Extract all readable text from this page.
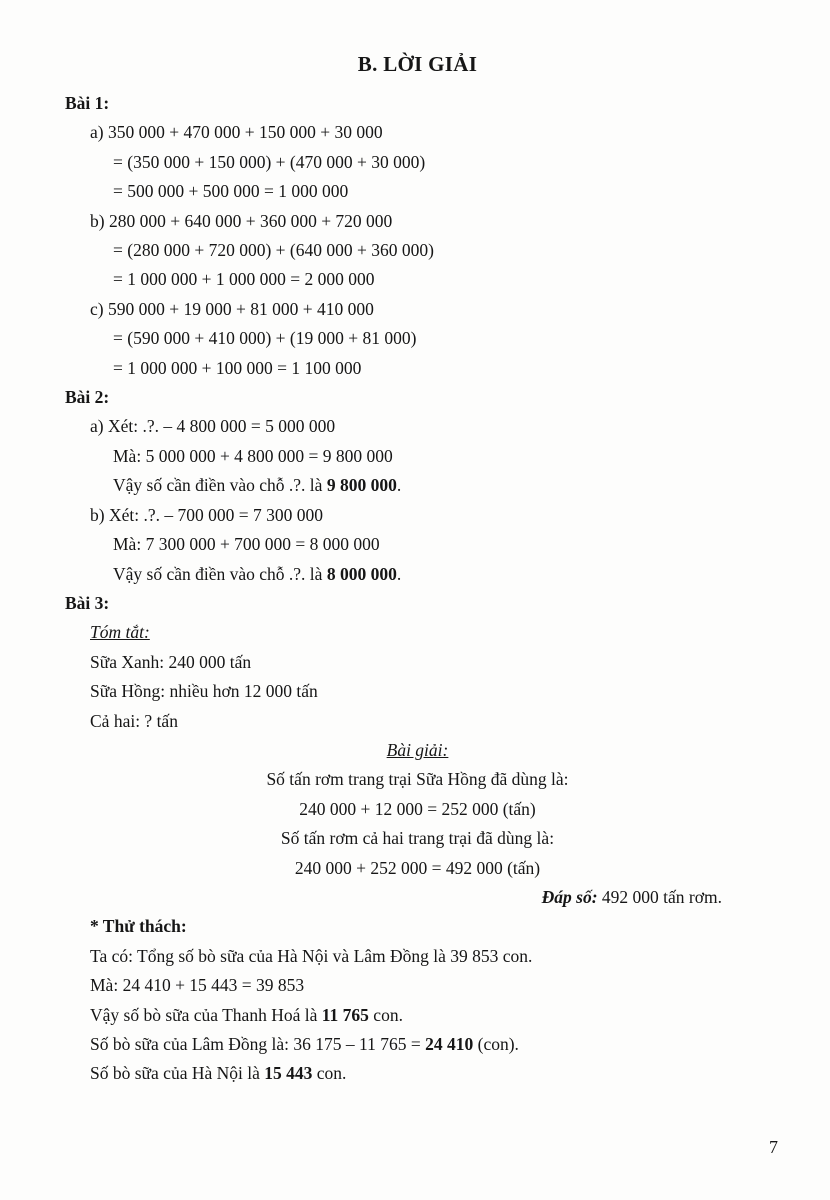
B. LỜI GIẢI
Bài 1:
a) 350 000 + 470 000 + 150 000 + 30 000
= (350 000 + 150 000) + (470 000 + 30 000)
= 500 000 + 500 000 = 1 000 000
b) 280 000 + 640 000 + 360 000 + 720 000
= (280 000 + 720 000) + (640 000 + 360 000)
= 1 000 000 + 1 000 000 = 2 000 000
c) 590 000 + 19 000 + 81 000 + 410 000
= (590 000 + 410 000) + (19 000 + 81 000)
= 1 000 000 + 100 000 = 1 100 000
Bài 2:
a) Xét: .?. – 4 800 000 = 5 000 000
Mà: 5 000 000 + 4 800 000 = 9 800 000
Vậy số cần điền vào chỗ .?. là 9 800 000.
b) Xét: .?. – 700 000 = 7 300 000
Mà: 7 300 000 + 700 000 = 8 000 000
Vậy số cần điền vào chỗ .?. là 8 000 000.
Bài 3:
Tóm tắt:
Sữa Xanh: 240 000 tấn
Sữa Hồng: nhiều hơn 12 000 tấn
Cả hai: ? tấn
Bài giải:
Số tấn rơm trang trại Sữa Hồng đã dùng là:
240 000 + 12 000 = 252 000 (tấn)
Số tấn rơm cả hai trang trại đã dùng là:
240 000 + 252 000 = 492 000 (tấn)
Đáp số: 492 000 tấn rơm.
* Thử thách:
Ta có: Tổng số bò sữa của Hà Nội và Lâm Đồng là 39 853 con.
Mà: 24 410 + 15 443 = 39 853
Vậy số bò sữa của Thanh Hoá là 11 765 con.
Số bò sữa của Lâm Đồng là: 36 175 – 11 765 = 24 410 (con).
Số bò sữa của Hà Nội là 15 443 con.
7
